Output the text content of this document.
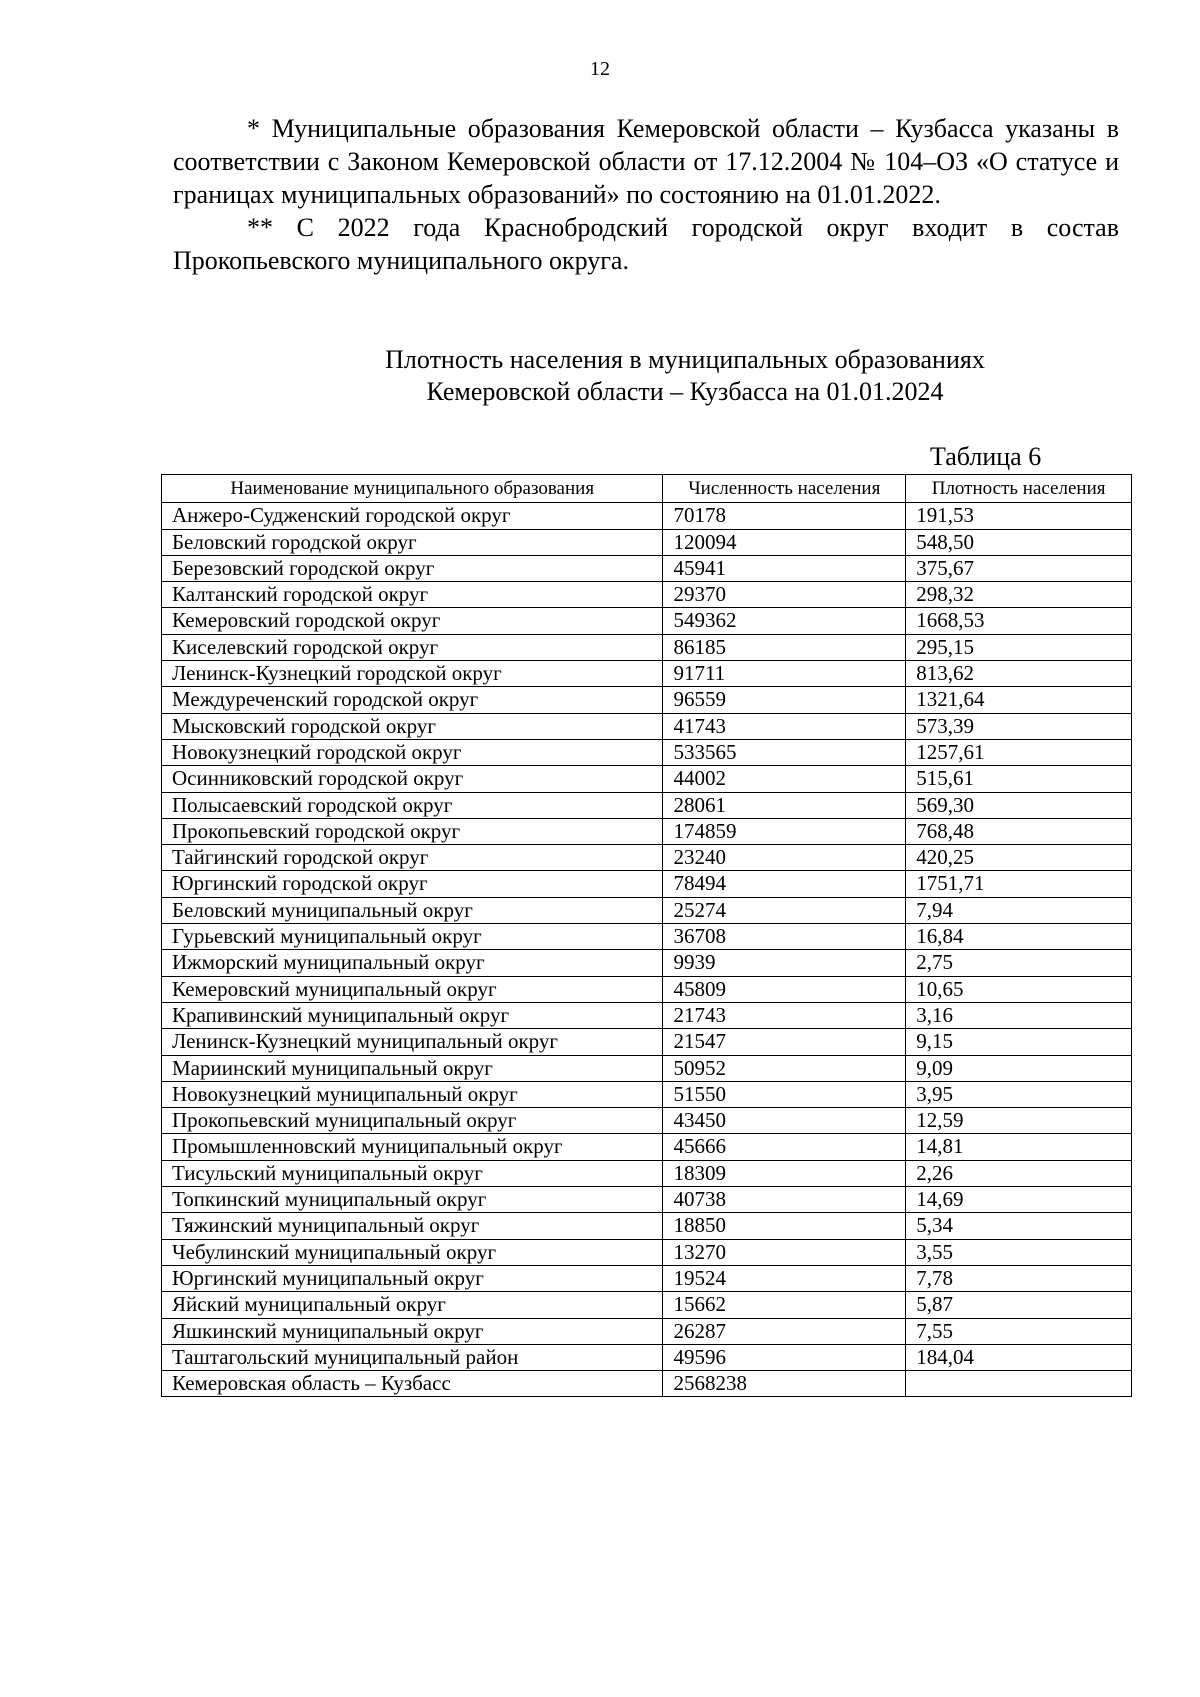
12

* Муниципальные образования Кемеровской области – Кузбасса указаны в соответствии с Законом Кемеровской области от 17.12.2004 № 104–ОЗ «О статусе и границах муниципальных образований» по состоянию на 01.01.2022.

** С 2022 года Краснобродский городской округ входит в состав Прокопьевского муниципального округа.

Плотность населения в муниципальных образованиях
Кемеровской области – Кузбасса на 01.01.2024
Таблица 6
Наименование муниципального образования	Численность населения	Плотность населения
Анжеро-Судженский городской округ	70178	191,53
Беловский городской округ	120094	548,50
Березовский городской округ	45941	375,67
Калтанский городской округ	29370	298,32
Кемеровский городской округ	549362	1668,53
Киселевский городской округ	86185	295,15
Ленинск-Кузнецкий городской округ	91711	813,62
Междуреченский городской округ	96559	1321,64
Мысковский городской округ	41743	573,39
Новокузнецкий городской округ	533565	1257,61
Осинниковский городской округ	44002	515,61
Полысаевский городской округ	28061	569,30
Прокопьевский городской округ	174859	768,48
Тайгинский городской округ	23240	420,25
Юргинский городской округ	78494	1751,71
Беловский муниципальный округ	25274	7,94
Гурьевский муниципальный округ	36708	16,84
Ижморский муниципальный округ	9939	2,75
Кемеровский муниципальный округ	45809	10,65
Крапивинский муниципальный округ	21743	3,16
Ленинск-Кузнецкий муниципальный округ	21547	9,15
Мариинский муниципальный округ	50952	9,09
Новокузнецкий муниципальный округ	51550	3,95
Прокопьевский муниципальный округ	43450	12,59
Промышленновский муниципальный округ	45666	14,81
Тисульский муниципальный округ	18309	2,26
Топкинский муниципальный округ	40738	14,69
Тяжинский муниципальный округ	18850	5,34
Чебулинский муниципальный округ	13270	3,55
Юргинский муниципальный округ	19524	7,78
Яйский муниципальный округ	15662	5,87
Яшкинский муниципальный округ	26287	7,55
Таштагольский муниципальный район	49596	184,04
Кемеровская область – Кузбасс	2568238	
